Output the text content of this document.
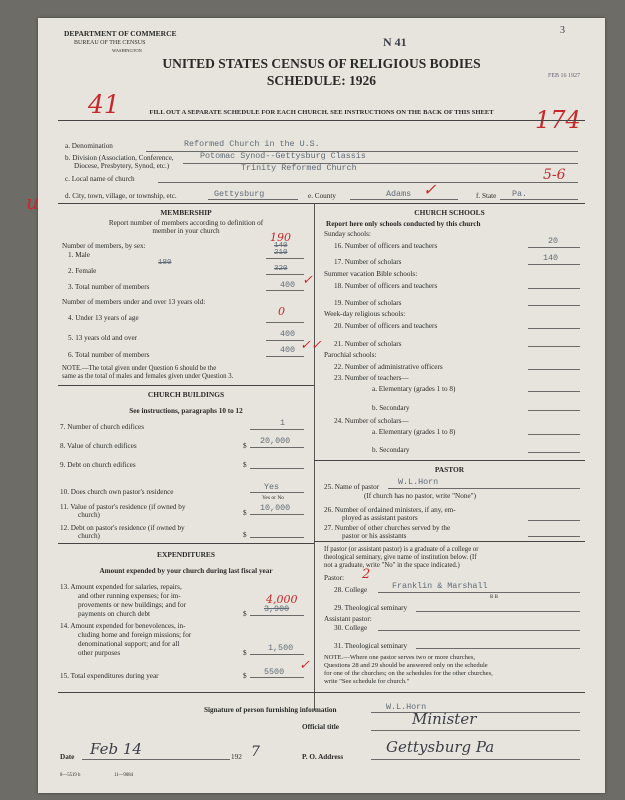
DEPARTMENT OF COMMERCE
BUREAU OF THE CENSUS
WASHINGTON
N 41
3
FEB 16 1927
UNITED STATES CENSUS OF RELIGIOUS BODIES
SCHEDULE: 1926
FILL OUT A SEPARATE SCHEDULE FOR EACH CHURCH. SEE INSTRUCTIONS ON THE BACK OF THIS SHEET
41
174
a. Denomination	Reformed Church in the U.S.
b. Division (Association, Conference,
Diocese, Presbytery, Synod, etc.)
Potomac Synod--Gettysburg Classis
Trinity Reformed Church
c. Local name of church	5-6
u	d. City, town, village, or township, etc.	Gettysburg	e. County	Adams ✓	f. State Pa.
MEMBERSHIP
Report number of members according to definition of
member in your church
Number of members, by sex:
190
140
1. Male	210
180
2. Female	320
3. Total number of members	400 ✓
Number of members under and over 13 years old:
4. Under 13 years of age	0
5. 13 years old and over	400
6. Total number of members	400 ✓✓
NOTE.—The total given under Question 6 should be the
same as the total of males and females given under Question 3.
CHURCH BUILDINGS
See instructions, paragraphs 10 to 12
7. Number of church edifices	1
8. Value of church edifices	$ 20,000
9. Debt on church edifices	$
10. Does church own pastor's residence	Yes
Yes or No
11. Value of pastor's residence (if owned by
church)	$ 10,000
12. Debt on pastor's residence (if owned by
church)	$
EXPENDITURES
Amount expended by your church during last fiscal year
13. Amount expended for salaries, repairs,
and other running expenses; for im-
provements or new buildings; and for
payments on church debt
4,000
$ 3,900
14. Amount expended for benevolences, in-
cluding home and foreign missions; for
denominational support; and for all
other purposes	$	1,500
15. Total expenditures during year	$ 5500 ✓
CHURCH SCHOOLS
Report here only schools conducted by this church
Sunday schools:
16. Number of officers and teachers	20
17. Number of scholars	140
Summer vacation Bible schools:
18. Number of officers and teachers
19. Number of scholars
Week-day religious schools:
20. Number of officers and teachers
21. Number of scholars
Parochial schools:
22. Number of administrative officers
23. Number of teachers—
a. Elementary (grades 1 to 8)
b. Secondary
24. Number of scholars—
a. Elementary (grades 1 to 8)
b. Secondary
PASTOR
25. Name of pastor W.L.Horn
(If church has no pastor, write "None")
26. Number of ordained ministers, if any, em-
ployed as assistant pastors
27. Number of other churches served by the
pastor or his assistants
If pastor (or assistant pastor) is a graduate of a college or
theological seminary, give name of institution below. (If
not a graduate, write "No" in the space indicated.)
Pastor: 2
28. College	Franklin & Marshall
B B
29. Theological seminary
Assistant pastor:
30. College
31. Theological seminary
NOTE.—Where one pastor serves two or more churches,
Questions 28 and 29 should be answered only on the schedule
for one of the churches; on the schedules for the other churches,
write "See schedule for church."
Signature of person furnishing information	W.L.Horn
Official title	Minister
Date Feb 14	192 7	P. O. Address
Gettysburg Pa
8—5519 b	11—9084
